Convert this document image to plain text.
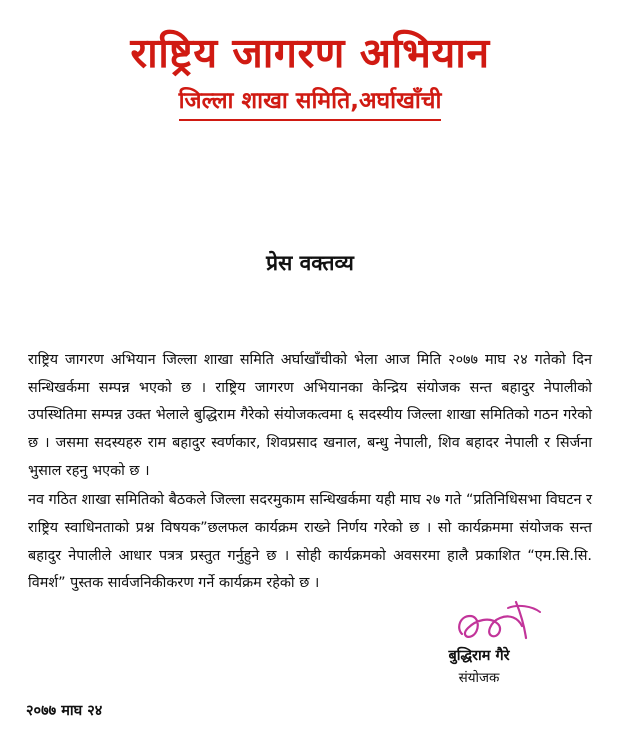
राष्ट्रिय जागरण अभियान
जिल्ला शाखा समिति,अर्घाखाँची
प्रेस वक्तव्य

राष्ट्रिय जागरण अभियान जिल्ला शाखा समिति अर्घाखाँचीको भेला आज मिति २०७७ माघ २४ गतेको दिन सन्धिखर्कमा सम्पन्न भएको छ । राष्ट्रिय जागरण अभियानका केन्द्रिय संयोजक सन्त बहादुर नेपालीको उपस्थितिमा सम्पन्न उक्त भेलाले बुद्धिराम गैरेको संयोजकत्वमा ६ सदस्यीय जिल्ला शाखा समितिको गठन गरेको छ । जसमा सदस्यहरु राम बहादुर स्वर्णकार, शिवप्रसाद खनाल, बन्धु नेपाली, शिव बहादर नेपाली र सिर्जना भुसाल रहनु भएको छ ।

नव गठित शाखा समितिको बैठकले जिल्ला सदरमुकाम सन्धिखर्कमा यही माघ २७ गते “प्रतिनिधिसभा विघटन र राष्ट्रिय स्वाधिनताको प्रश्न विषयक”छलफल कार्यक्रम राख्ने निर्णय गरेको छ । सो कार्यक्रममा संयोजक सन्त बहादुर नेपालीले आधार पत्रत्र प्रस्तुत गर्नुहुने छ । सोही कार्यक्रमको अवसरमा हालै प्रकाशित “एम.सि.सि. विमर्श” पुस्तक सार्वजनिकीकरण गर्ने कार्यक्रम रहेको छ ।

बुद्धिराम गैरे
संयोजक
२०७७ माघ २४
